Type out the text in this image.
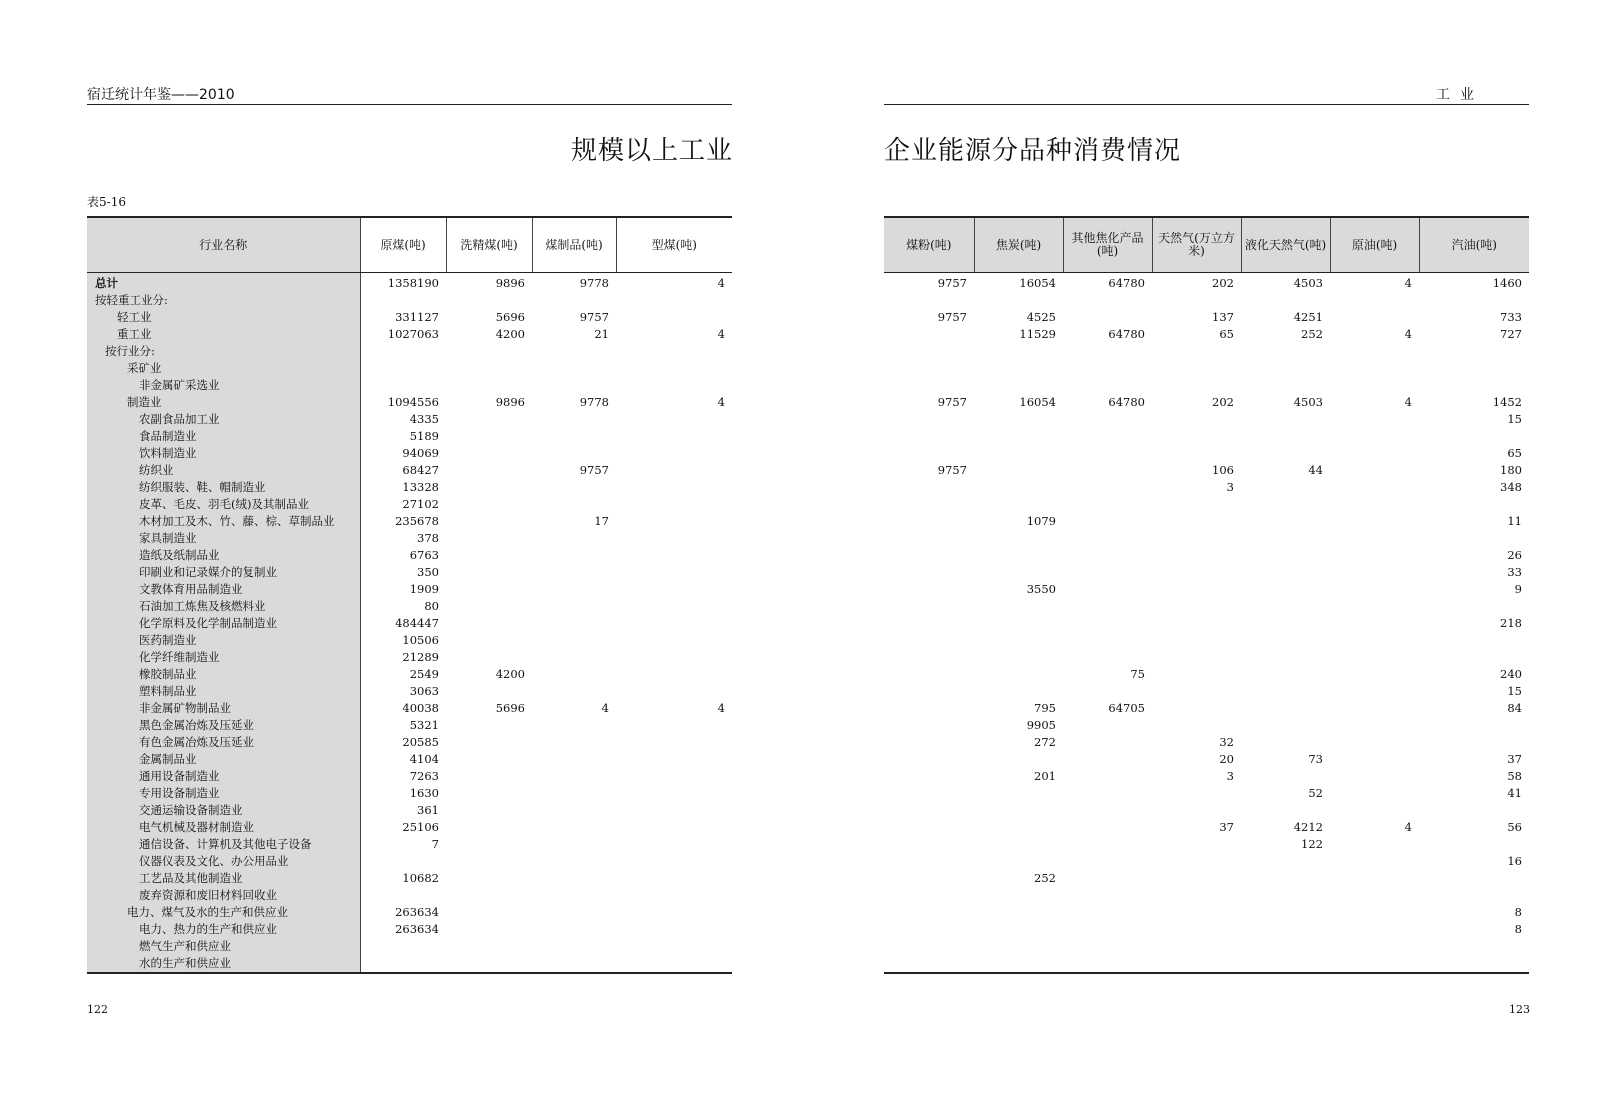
宿迁统计年鉴——2010
规模以上工业
表5-16
行业名称	原煤(吨)	洗精煤(吨)	煤制品(吨)	型煤(吨)
总计	1358190	9896	9778	4
按轻重工业分:				
轻工业	331127	5696	9757	
重工业	1027063	4200	21	4
按行业分:				
采矿业				
非金属矿采选业				
制造业	1094556	9896	9778	4
农副食品加工业	4335			
食品制造业	5189			
饮料制造业	94069			
纺织业	68427		9757	
纺织服装、鞋、帽制造业	13328			
皮革、毛皮、羽毛(绒)及其制品业	27102			
木材加工及木、竹、藤、棕、草制品业	235678		17	
家具制造业	378			
造纸及纸制品业	6763			
印刷业和记录媒介的复制业	350			
文教体育用品制造业	1909			
石油加工炼焦及核燃料业	80			
化学原料及化学制品制造业	484447			
医药制造业	10506			
化学纤维制造业	21289			
橡胶制品业	2549	4200		
塑料制品业	3063			
非金属矿物制品业	40038	5696	4	4
黑色金属冶炼及压延业	5321			
有色金属冶炼及压延业	20585			
金属制品业	4104			
通用设备制造业	7263			
专用设备制造业	1630			
交通运输设备制造业	361			
电气机械及器材制造业	25106			
通信设备、计算机及其他电子设备	7			
仪器仪表及文化、办公用品业				
工艺品及其他制造业	10682			
废弃资源和废旧材料回收业				
电力、煤气及水的生产和供应业	263634			
电力、热力的生产和供应业	263634			
燃气生产和供应业				
水的生产和供应业				
122
工业
企业能源分品种消费情况
煤粉(吨)	焦炭(吨)	其他焦化产品(吨)	天然气(万立方米)	液化天然气(吨)	原油(吨)	汽油(吨)
9757	16054	64780	202	4503	4	1460

9757	4525		137	4251		733
	11529	64780	65	252	4	727

9757	16054	64780	202	4503	4	1452
						15

						65
9757			106	44		180
			3			348

	1079					11

						26
						33
	3550					9

						218

		75				240
						15
	795	64705				84
	9905					
	272		32			
			20	73		37
	201		3			58
				52		41

			37	4212	4	56
				122		
						16
	252					

						8
						8

123
